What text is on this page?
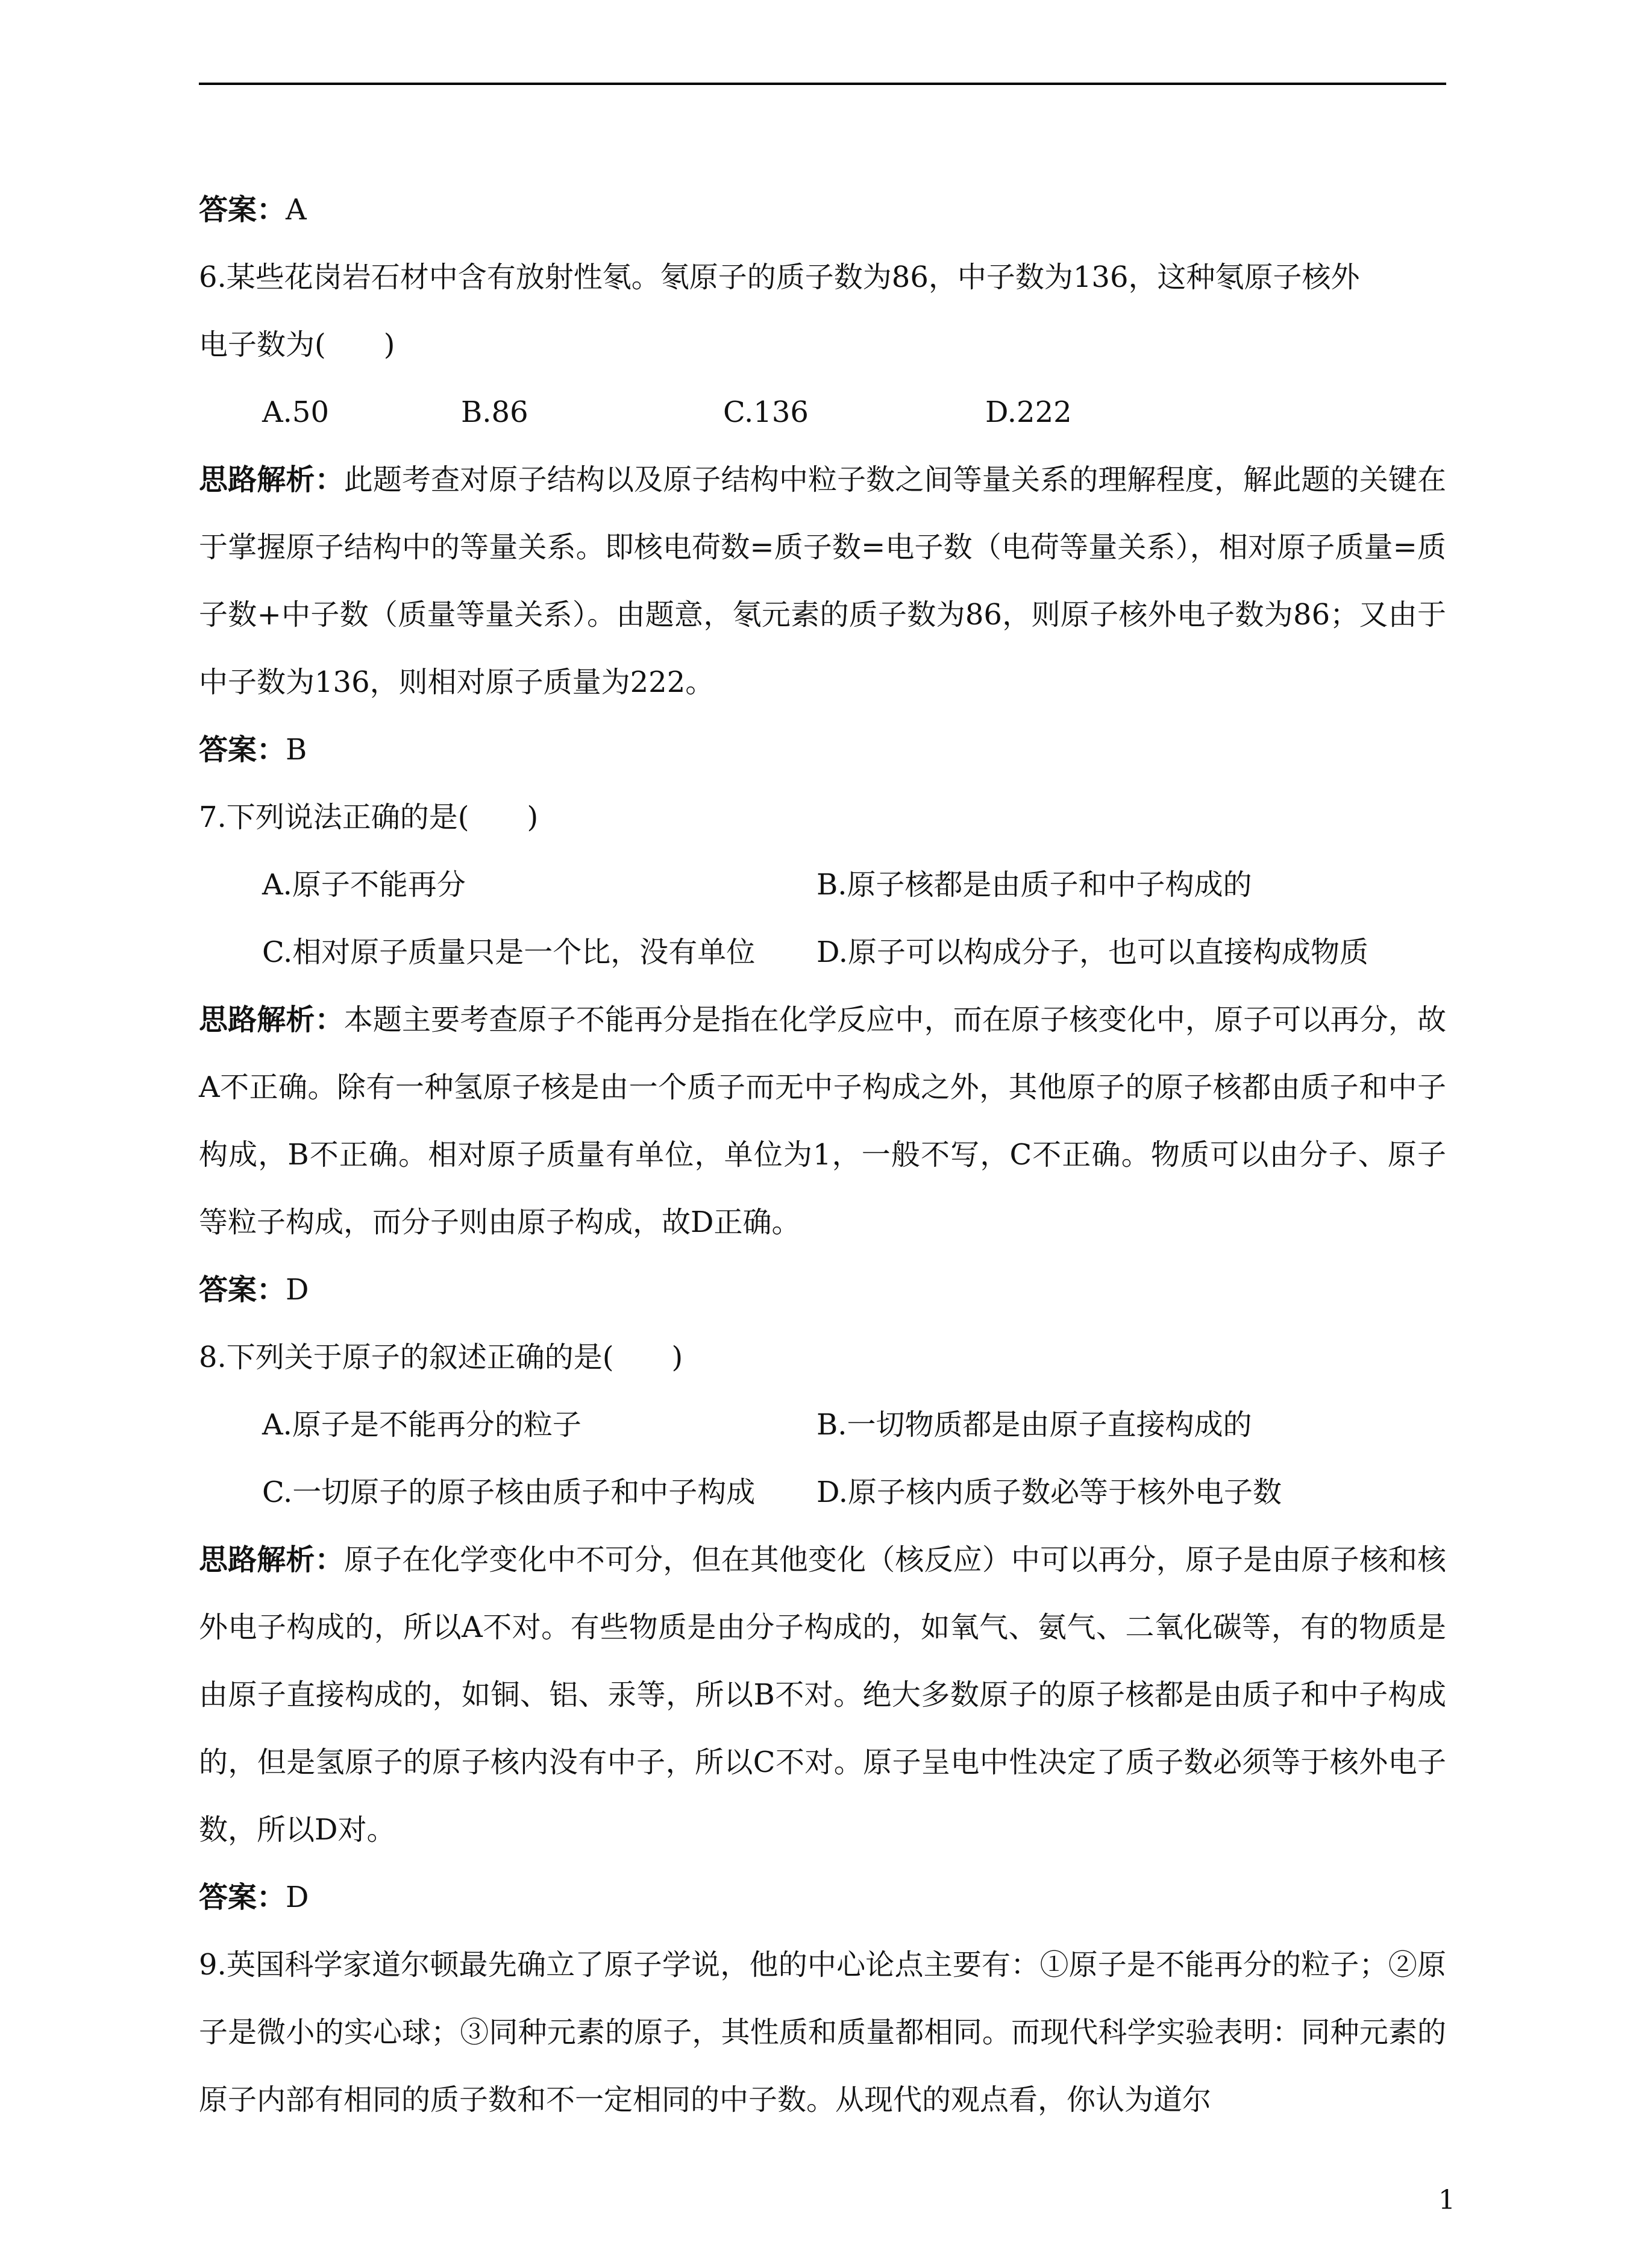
答案：A
6.某些花岗岩石材中含有放射性氡。氡原子的质子数为86，中子数为136，这种氡原子核外
电子数为(　　)
A.50	B.86	C.136	D.222
思路解析：此题考查对原子结构以及原子结构中粒子数之间等量关系的理解程度，解此题的关键在于掌握原子结构中的等量关系。即核电荷数=质子数=电子数（电荷等量关系），相对原子质量=质子数+中子数（质量等量关系）。由题意，氡元素的质子数为86，则原子核外电子数为86；又由于中子数为136，则相对原子质量为222。
答案：B
7.下列说法正确的是(　　)
A.原子不能再分	B.原子核都是由质子和中子构成的
C.相对原子质量只是一个比，没有单位 D.原子可以构成分子，也可以直接构成物质
思路解析：本题主要考查原子不能再分是指在化学反应中，而在原子核变化中，原子可以再分，故A不正确。除有一种氢原子核是由一个质子而无中子构成之外，其他原子的原子核都由质子和中子构成，B不正确。相对原子质量有单位，单位为1，一般不写，C不正确。物质可以由分子、原子等粒子构成，而分子则由原子构成，故D正确。
答案：D
8.下列关于原子的叙述正确的是(　　)
A.原子是不能再分的粒子	B.一切物质都是由原子直接构成的
C.一切原子的原子核由质子和中子构成 D.原子核内质子数必等于核外电子数
思路解析：原子在化学变化中不可分，但在其他变化（核反应）中可以再分，原子是由原子核和核外电子构成的，所以A不对。有些物质是由分子构成的，如氧气、氨气、二氧化碳等，有的物质是由原子直接构成的，如铜、铝、汞等，所以B不对。绝大多数原子的原子核都是由质子和中子构成的，但是氢原子的原子核内没有中子，所以C不对。原子呈电中性决定了质子数必须等于核外电子数，所以D对。
答案：D
9.英国科学家道尔顿最先确立了原子学说，他的中心论点主要有：①原子是不能再分的粒子；②原子是微小的实心球；③同种元素的原子，其性质和质量都相同。而现代科学实验表明：同种元素的原子内部有相同的质子数和不一定相同的中子数。从现代的观点看，你认为道尔
1
